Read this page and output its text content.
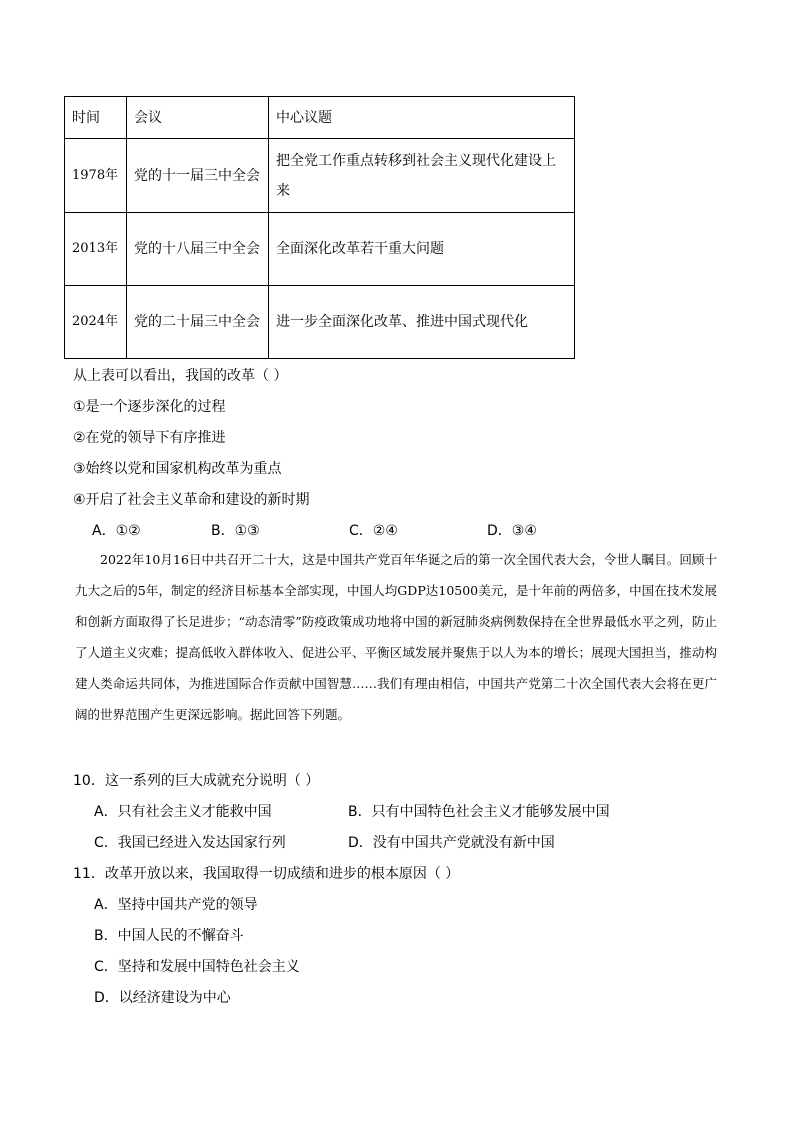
时间	会议	中心议题
1978年	党的十一届三中全会	把全党工作重点转移到社会主义现代化建设上来
2013年	党的十八届三中全会	全面深化改革若干重大问题
2024年	党的二十届三中全会	进一步全面深化改革、推进中国式现代化
从上表可以看出，我国的改革（ ）
①是一个逐步深化的过程
②在党的领导下有序推进
③始终以党和国家机构改革为重点
④开启了社会主义革命和建设的新时期
A．①②	B．①③	C．②④	D．③④

2022年10月16日中共召开二十大，这是中国共产党百年华诞之后的第一次全国代表大会，令世人瞩目。回顾十九大之后的5年，制定的经济目标基本全部实现，中国人均GDP达10500美元，是十年前的两倍多，中国在技术发展和创新方面取得了长足进步；“动态清零”防疫政策成功地将中国的新冠肺炎病例数保持在全世界最低水平之列，防止了人道主义灾难；提高低收入群体收入、促进公平、平衡区域发展并聚焦于以人为本的增长；展现大国担当，推动构建人类命运共同体，为推进国际合作贡献中国智慧……我们有理由相信，中国共产党第二十次全国代表大会将在更广阔的世界范围产生更深远影响。据此回答下列题。

10．这一系列的巨大成就充分说明（ ）
A．只有社会主义才能救中国	B．只有中国特色社会主义才能够发展中国
C．我国已经进入发达国家行列	D．没有中国共产党就没有新中国
11．改革开放以来，我国取得一切成绩和进步的根本原因（ ）
A．坚持中国共产党的领导
B．中国人民的不懈奋斗
C．坚持和发展中国特色社会主义
D．以经济建设为中心
